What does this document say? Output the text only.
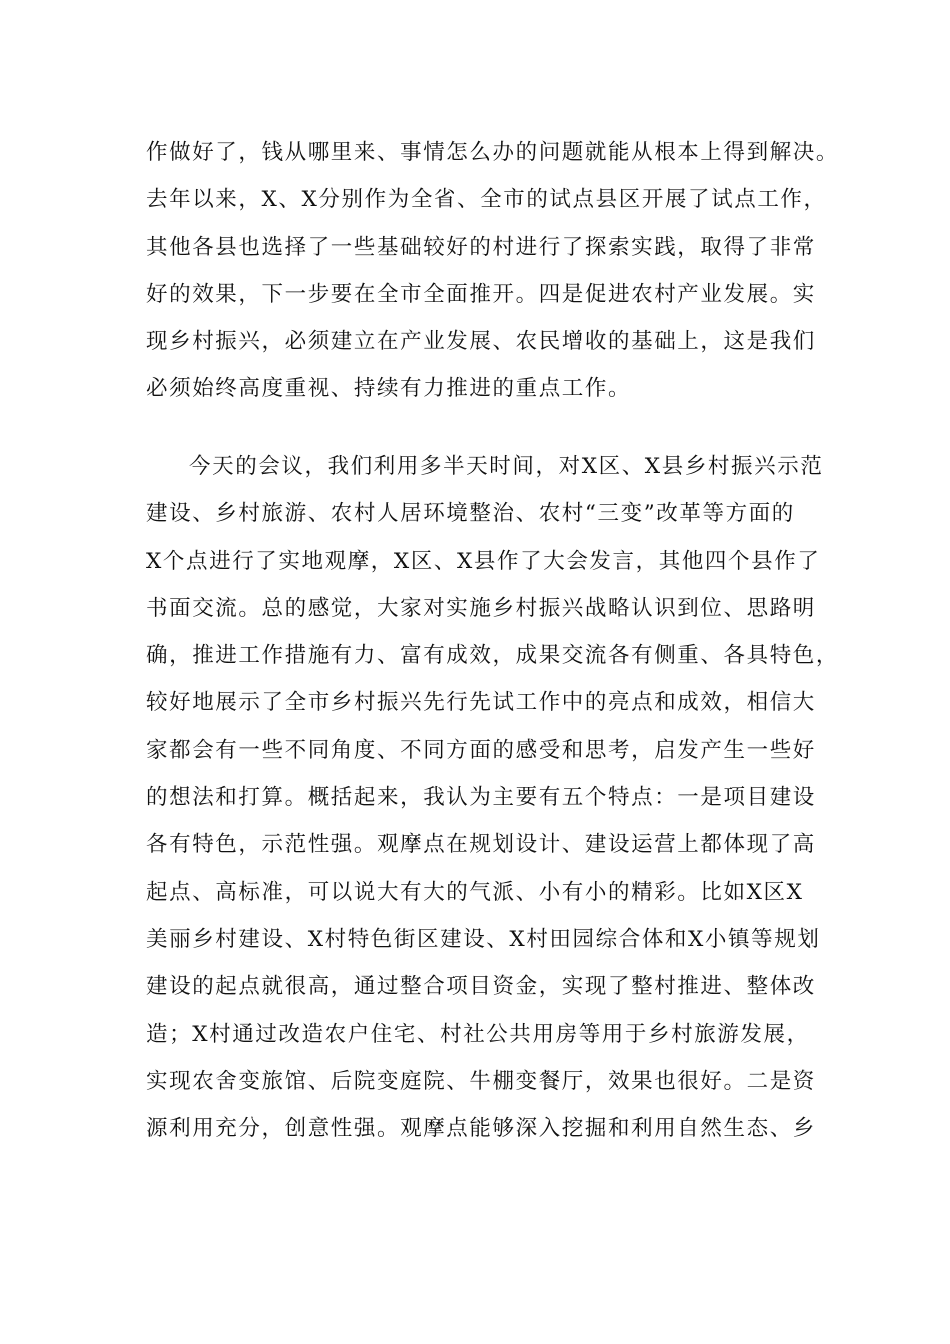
作做好了，钱从哪里来、事情怎么办的问题就能从根本上得到解决。
去年以来，X、X分别作为全省、全市的试点县区开展了试点工作，
其他各县也选择了一些基础较好的村进行了探索实践，取得了非常
好的效果，下一步要在全市全面推开。四是促进农村产业发展。实
现乡村振兴，必须建立在产业发展、农民增收的基础上，这是我们
必须始终高度重视、持续有力推进的重点工作。
今天的会议，我们利用多半天时间，对X区、X县乡村振兴示范
建设、乡村旅游、农村人居环境整治、农村“三变”改革等方面的
X个点进行了实地观摩，X区、X县作了大会发言，其他四个县作了
书面交流。总的感觉，大家对实施乡村振兴战略认识到位、思路明
确，推进工作措施有力、富有成效，成果交流各有侧重、各具特色，
较好地展示了全市乡村振兴先行先试工作中的亮点和成效，相信大
家都会有一些不同角度、不同方面的感受和思考，启发产生一些好
的想法和打算。概括起来，我认为主要有五个特点：一是项目建设
各有特色，示范性强。观摩点在规划设计、建设运营上都体现了高
起点、高标准，可以说大有大的气派、小有小的精彩。比如X区X
美丽乡村建设、X村特色街区建设、X村田园综合体和X小镇等规划
建设的起点就很高，通过整合项目资金，实现了整村推进、整体改
造；X村通过改造农户住宅、村社公共用房等用于乡村旅游发展，
实现农舍变旅馆、后院变庭院、牛棚变餐厅，效果也很好。二是资
源利用充分，创意性强。观摩点能够深入挖掘和利用自然生态、乡
